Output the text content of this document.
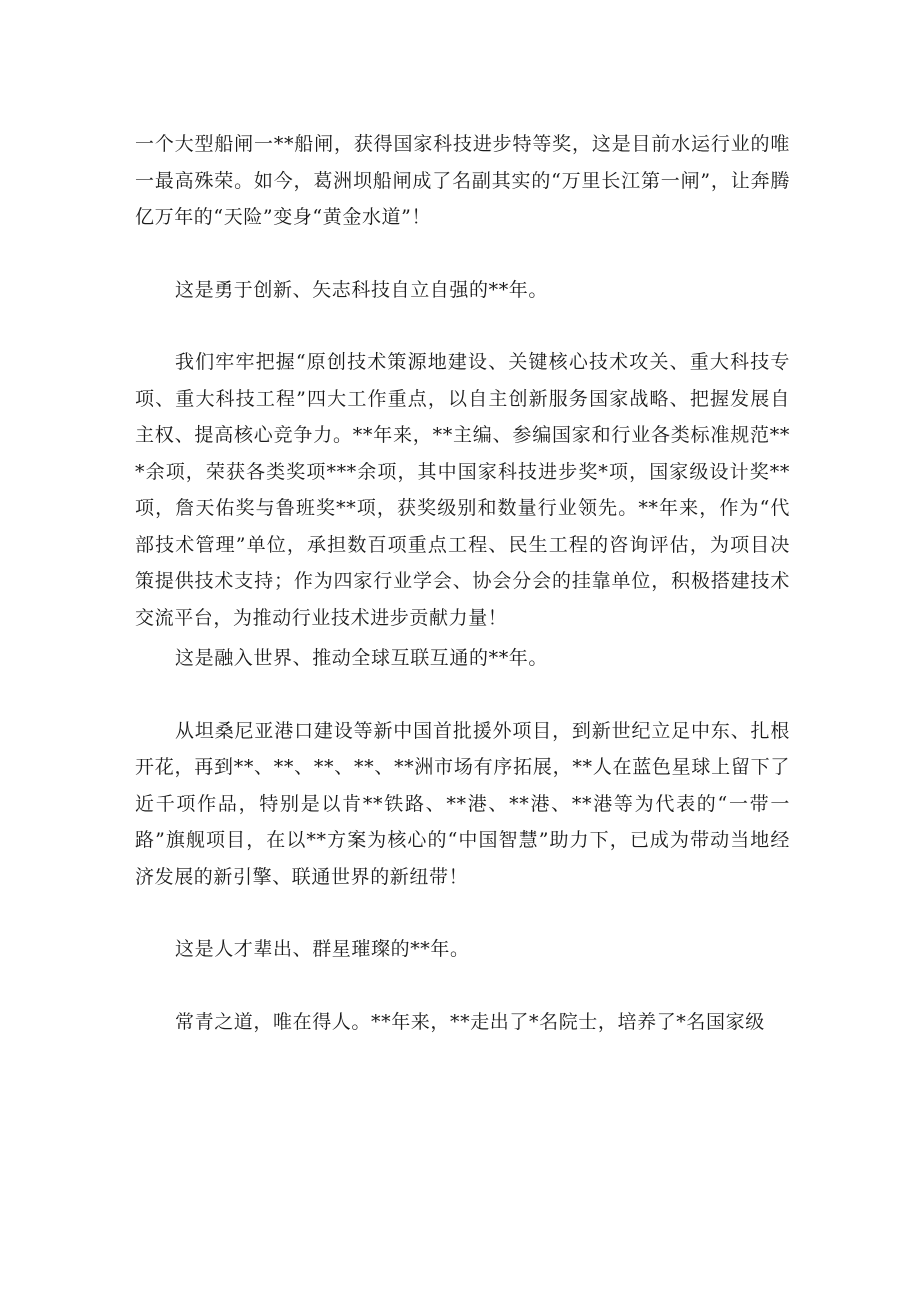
一个大型船闸一**船闸，获得国家科技进步特等奖，这是目前水运行业的唯一最高殊荣。如今，葛洲坝船闸成了名副其实的“万里长江第一闸”，让奔腾亿万年的“天险”变身“黄金水道”！

这是勇于创新、矢志科技自立自强的**年。

我们牢牢把握“原创技术策源地建设、关键核心技术攻关、重大科技专项、重大科技工程”四大工作重点，以自主创新服务国家战略、把握发展自主权、提高核心竞争力。**年来，**主编、参编国家和行业各类标准规范***余项，荣获各类奖项***余项，其中国家科技进步奖*项，国家级设计奖**项，詹天佑奖与鲁班奖**项，获奖级别和数量行业领先。**年来，作为“代部技术管理”单位，承担数百项重点工程、民生工程的咨询评估，为项目决策提供技术支持；作为四家行业学会、协会分会的挂靠单位，积极搭建技术交流平台，为推动行业技术进步贡献力量！

这是融入世界、推动全球互联互通的**年。

从坦桑尼亚港口建设等新中国首批援外项目，到新世纪立足中东、扎根开花，再到**、**、**、**、**洲市场有序拓展，**人在蓝色星球上留下了近千项作品，特别是以肯**铁路、**港、**港、**港等为代表的“一带一路”旗舰项目，在以**方案为核心的“中国智慧”助力下，已成为带动当地经济发展的新引擎、联通世界的新纽带！

这是人才辈出、群星璀璨的**年。

常青之道，唯在得人。**年来，**走出了*名院士，培养了*名国家级
